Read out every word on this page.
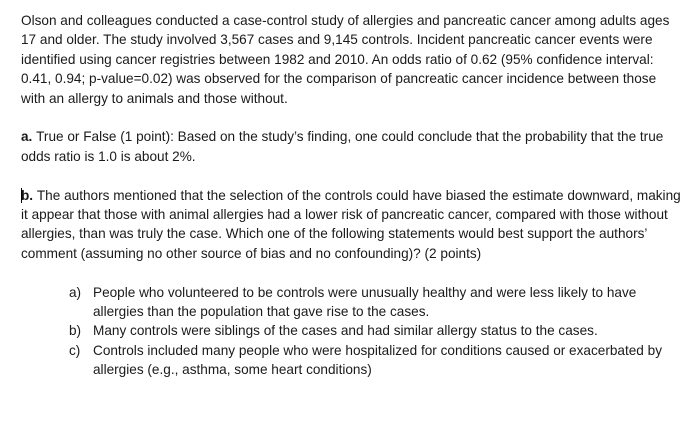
Olson and colleagues conducted a case-control study of allergies and pancreatic cancer among adults ages 17 and older. The study involved 3,567 cases and 9,145 controls. Incident pancreatic cancer events were identified using cancer registries between 1982 and 2010. An odds ratio of 0.62 (95% confidence interval: 0.41, 0.94; p-value=0.02) was observed for the comparison of pancreatic cancer incidence between those with an allergy to animals and those without.

a. True or False (1 point): Based on the study’s finding, one could conclude that the probability that the true odds ratio is 1.0 is about 2%.

b. The authors mentioned that the selection of the controls could have biased the estimate downward, making it appear that those with animal allergies had a lower risk of pancreatic cancer, compared with those without allergies, than was truly the case. Which one of the following statements would best support the authors’ comment (assuming no other source of bias and no confounding)? (2 points)

a) People who volunteered to be controls were unusually healthy and were less likely to have allergies than the population that gave rise to the cases.
b) Many controls were siblings of the cases and had similar allergy status to the cases.
c) Controls included many people who were hospitalized for conditions caused or exacerbated by allergies (e.g., asthma, some heart conditions)
